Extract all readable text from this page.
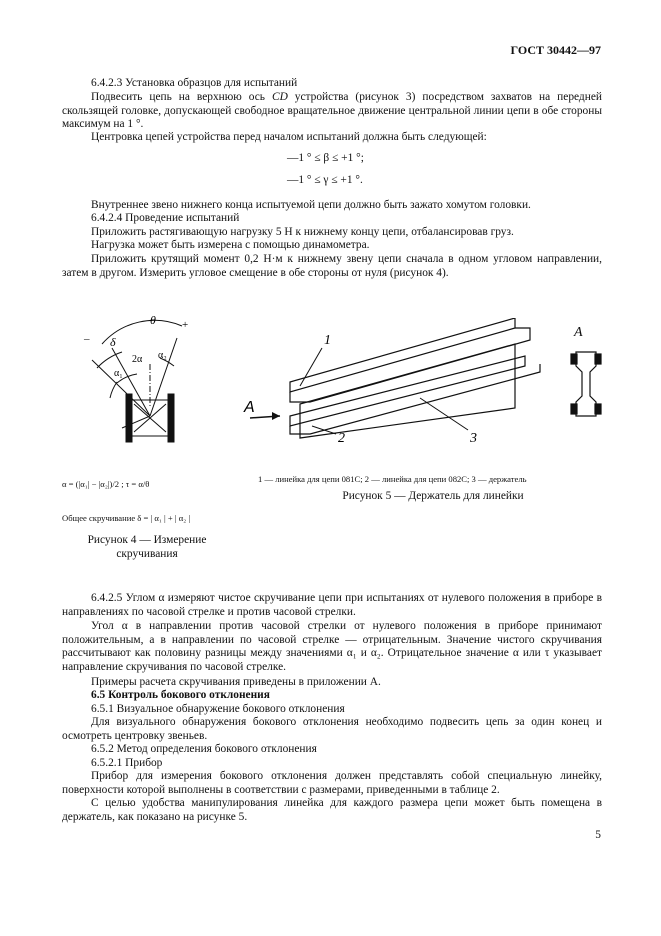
ГОСТ 30442—97
6.4.2.3 Установка образцов для испытаний
Подвесить цепь на верхнюю ось CD устройства (рисунок 3) посредством захватов на передней скользящей головке, допускающей свободное вращательное движение центральной линии цепи в обе стороны максимум на 1 °.
Центровка цепей устройства перед началом испытаний должна быть следующей:
—1 ° ≤ β ≤ +1 °;
—1 ° ≤ γ ≤ +1 °.
Внутреннее звено нижнего конца испытуемой цепи должно быть зажато хомутом головки.
6.4.2.4 Проведение испытаний
Приложить растягивающую нагрузку 5 Н к нижнему концу цепи, отбалансировав груз.
Нагрузка может быть измерена с помощью динамометра.
Приложить крутящий момент 0,2 Н·м к нижнему звену цепи сначала в одном угловом направлении, затем в другом. Измерить угловое смещение в обе стороны от нуля (рисунок 4).
–
+
θ
δ
2α
α₁
α₂
α = (|α₁| − |α₂|)/2 ; τ = α/θ
Общее скручивание δ = | α₁ | + | α₂ |
Рисунок 4 — Измерение скручивания
A
1
2	3
A
1 — линейка для цепи 081С; 2 — линейка для цепи 082С; 3 — держатель
Рисунок 5 — Держатель для линейки
6.4.2.5 Углом α измеряют чистое скручивание цепи при испытаниях от нулевого положения в приборе в направлениях по часовой стрелке и против часовой стрелки.
Угол α в направлении против часовой стрелки от нулевого положения в приборе принимают положительным, а в направлении по часовой стрелке — отрицательным. Значение чистого скручивания рассчитывают как половину разницы между значениями α₁ и α₂. Отрицательное значение α или τ указывает направление скручивания по часовой стрелке.
Примеры расчета скручивания приведены в приложении А.
6.5 Контроль бокового отклонения
6.5.1 Визуальное обнаружение бокового отклонения
Для визуального обнаружения бокового отклонения необходимо подвесить цепь за один конец и осмотреть центровку звеньев.
6.5.2 Метод определения бокового отклонения
6.5.2.1 Прибор
Прибор для измерения бокового отклонения должен представлять собой специальную линейку, поверхности которой выполнены в соответствии с размерами, приведенными в таблице 2.
С целью удобства манипулирования линейка для каждого размера цепи может быть помещена в держатель, как показано на рисунке 5.
5
